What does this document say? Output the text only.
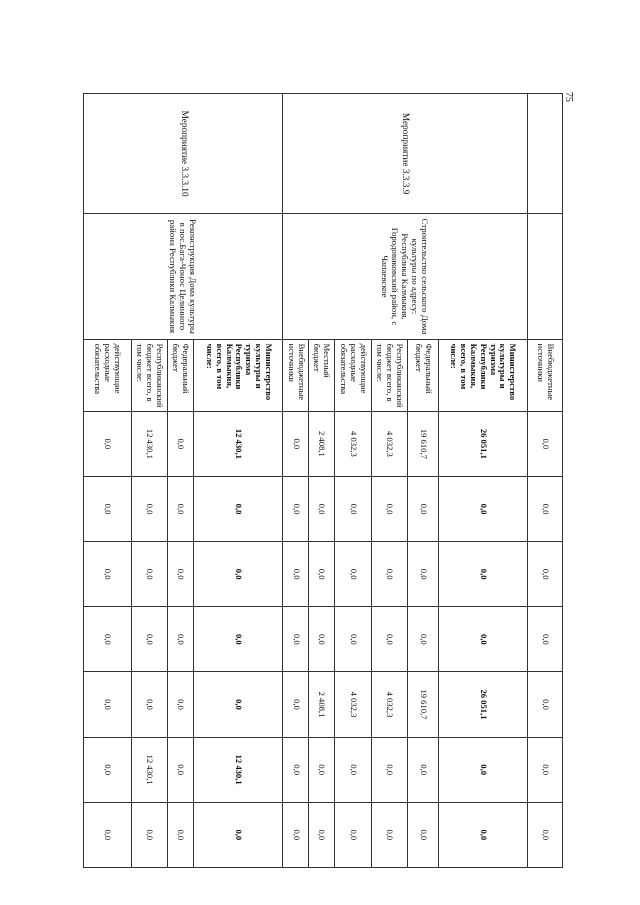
75
		Внебюджетные источники	0,0	0,0	0,0	0,0	0,0	0,0	0,0
Мероприятие 3.3.3.9	Строительство сельского Дома культуры по адресу: Республика Калмыкия, Городовиковский район, с Чапаевское	Министерство культуры и туризма Республики Калмыкия, всего, в том числе:	26 051,1	0,0	0,0	0,0	26 051,1	0,0	0,0
		Федеральный бюджет	19 610,7	0,0	0,0	0,0	19 610,7	0,0	0,0
		Республиканский бюджет всего, в том числе:	4 032,3	0,0	0,0	0,0	4 032,3	0,0	0,0
		действующие расходные обязательства	4 032,3	0,0	0,0	0,0	4 032,3	0,0	0,0
		Местный бюджет	2 408,1	0,0	0,0	0,0	2 408,1	0,0	0,0
		Внебюджетные источники	0,0	0,0	0,0	0,0	0,0	0,0	0,0
Мероприятие 3.3.3.10	Реконструкция Дома культуры в пос.Бага-Чонос Целинного района Республики Калмыкия	Министерство культуры и туризма Республики Калмыкия, всего, в том числе:	12 430,1	0,0	0,0	0,0	0,0	12 430,1	0,0
		Федеральный бюджет	0,0	0,0	0,0	0,0	0,0	0,0	0,0
		Республиканский бюджет всего, в том числе:	12 430,1	0,0	0,0	0,0	0,0	12 430,1	0,0
		действующие расходные обязательства	0,0	0,0	0,0	0,0	0,0	0,0	0,0
